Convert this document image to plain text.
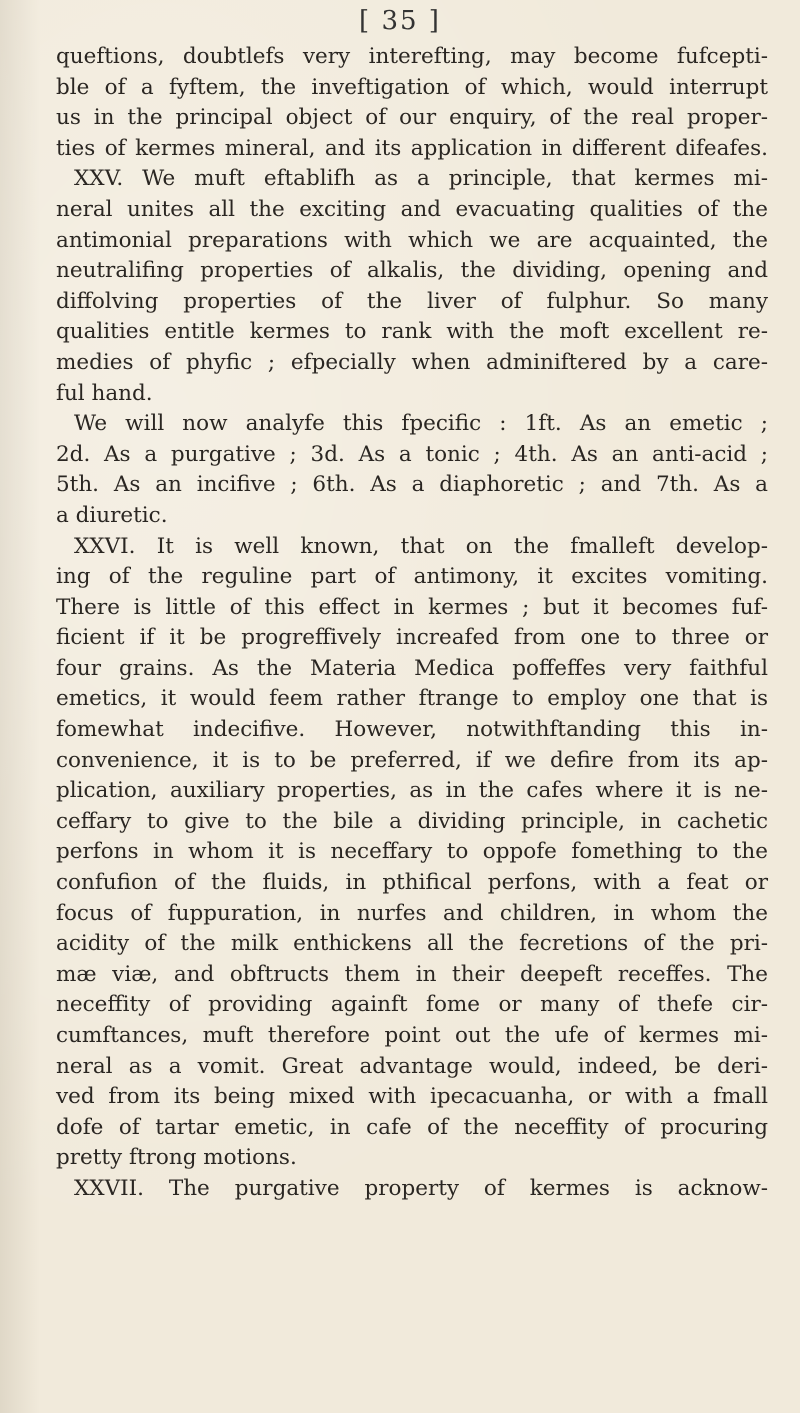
[ 35 ]
queftions, doubtlefs very interefting, may become fufcepti-
ble of a fyftem, the inveftigation of which, would interrupt
us in the principal object of our enquiry, of the real proper-
ties of kermes mineral, and its application in different difeafes.
XXV. We muft eftablifh as a principle, that kermes mi-
neral unites all the exciting and evacuating qualities of the
antimonial preparations with which we are acquainted, the
neutralifing properties of alkalis, the dividing, opening and
diffolving properties of the liver of fulphur. So many
qualities entitle kermes to rank with the moft excellent re-
medies of phyfic ; efpecially when adminiftered by a care-
ful hand.
We will now analyfe this fpecific : 1ft. As an emetic ;
2d. As a purgative ; 3d. As a tonic ; 4th. As an anti-acid ;
5th. As an incifive ; 6th. As a diaphoretic ; and 7th. As a
a diuretic.
XXVI. It is well known, that on the fmalleft develop-
ing of the reguline part of antimony, it excites vomiting.
There is little of this effect in kermes ; but it becomes fuf-
ficient if it be progreffively increafed from one to three or
four grains. As the Materia Medica poffeffes very faithful
emetics, it would feem rather ftrange to employ one that is
fomewhat indecifive. However, notwithftanding this in-
convenience, it is to be preferred, if we defire from its ap-
plication, auxiliary properties, as in the cafes where it is ne-
ceffary to give to the bile a dividing principle, in cachetic
perfons in whom it is neceffary to oppofe fomething to the
confufion of the fluids, in pthifical perfons, with a feat or
focus of fuppuration, in nurfes and children, in whom the
acidity of the milk enthickens all the fecretions of the pri-
mæ viæ, and obftructs them in their deepeft receffes. The
neceffity of providing againft fome or many of thefe cir-
cumftances, muft therefore point out the ufe of kermes mi-
neral as a vomit. Great advantage would, indeed, be deri-
ved from its being mixed with ipecacuanha, or with a fmall
dofe of tartar emetic, in cafe of the neceffity of procuring
pretty ftrong motions.
XXVII. The purgative property of kermes is acknow-
